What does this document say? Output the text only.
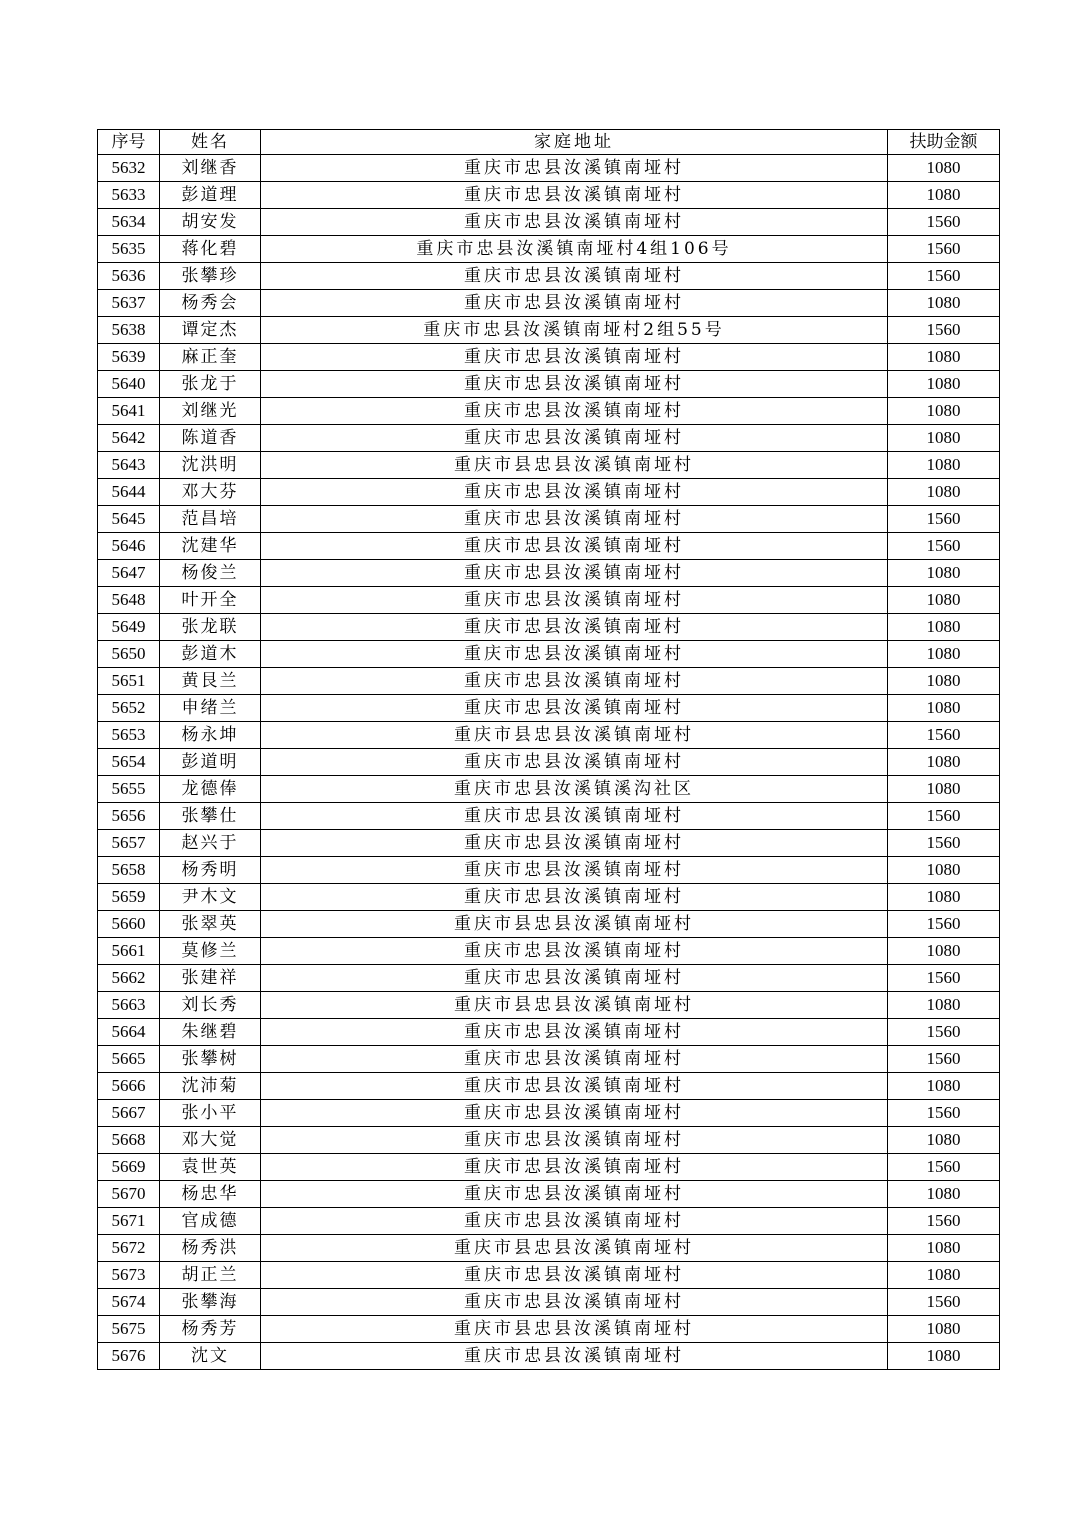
序号	姓名	家庭地址	扶助金额
5632	刘继香	重庆市忠县汝溪镇南垭村	1080
5633	彭道理	重庆市忠县汝溪镇南垭村	1080
5634	胡安发	重庆市忠县汝溪镇南垭村	1560
5635	蒋化碧	重庆市忠县汝溪镇南垭村4组106号	1560
5636	张攀珍	重庆市忠县汝溪镇南垭村	1560
5637	杨秀会	重庆市忠县汝溪镇南垭村	1080
5638	谭定杰	重庆市忠县汝溪镇南垭村2组55号	1560
5639	麻正奎	重庆市忠县汝溪镇南垭村	1080
5640	张龙于	重庆市忠县汝溪镇南垭村	1080
5641	刘继光	重庆市忠县汝溪镇南垭村	1080
5642	陈道香	重庆市忠县汝溪镇南垭村	1080
5643	沈洪明	重庆市县忠县汝溪镇南垭村	1080
5644	邓大芬	重庆市忠县汝溪镇南垭村	1080
5645	范昌培	重庆市忠县汝溪镇南垭村	1560
5646	沈建华	重庆市忠县汝溪镇南垭村	1560
5647	杨俊兰	重庆市忠县汝溪镇南垭村	1080
5648	叶开全	重庆市忠县汝溪镇南垭村	1080
5649	张龙联	重庆市忠县汝溪镇南垭村	1080
5650	彭道木	重庆市忠县汝溪镇南垭村	1080
5651	黄艮兰	重庆市忠县汝溪镇南垭村	1080
5652	申绪兰	重庆市忠县汝溪镇南垭村	1080
5653	杨永坤	重庆市县忠县汝溪镇南垭村	1560
5654	彭道明	重庆市忠县汝溪镇南垭村	1080
5655	龙德俸	重庆市忠县汝溪镇溪沟社区	1080
5656	张攀仕	重庆市忠县汝溪镇南垭村	1560
5657	赵兴于	重庆市忠县汝溪镇南垭村	1560
5658	杨秀明	重庆市忠县汝溪镇南垭村	1080
5659	尹木文	重庆市忠县汝溪镇南垭村	1080
5660	张翠英	重庆市县忠县汝溪镇南垭村	1560
5661	莫修兰	重庆市忠县汝溪镇南垭村	1080
5662	张建祥	重庆市忠县汝溪镇南垭村	1560
5663	刘长秀	重庆市县忠县汝溪镇南垭村	1080
5664	朱继碧	重庆市忠县汝溪镇南垭村	1560
5665	张攀树	重庆市忠县汝溪镇南垭村	1560
5666	沈沛菊	重庆市忠县汝溪镇南垭村	1080
5667	张小平	重庆市忠县汝溪镇南垭村	1560
5668	邓大觉	重庆市忠县汝溪镇南垭村	1080
5669	袁世英	重庆市忠县汝溪镇南垭村	1560
5670	杨忠华	重庆市忠县汝溪镇南垭村	1080
5671	官成德	重庆市忠县汝溪镇南垭村	1560
5672	杨秀洪	重庆市县忠县汝溪镇南垭村	1080
5673	胡正兰	重庆市忠县汝溪镇南垭村	1080
5674	张攀海	重庆市忠县汝溪镇南垭村	1560
5675	杨秀芳	重庆市县忠县汝溪镇南垭村	1080
5676	沈文	重庆市忠县汝溪镇南垭村	1080
